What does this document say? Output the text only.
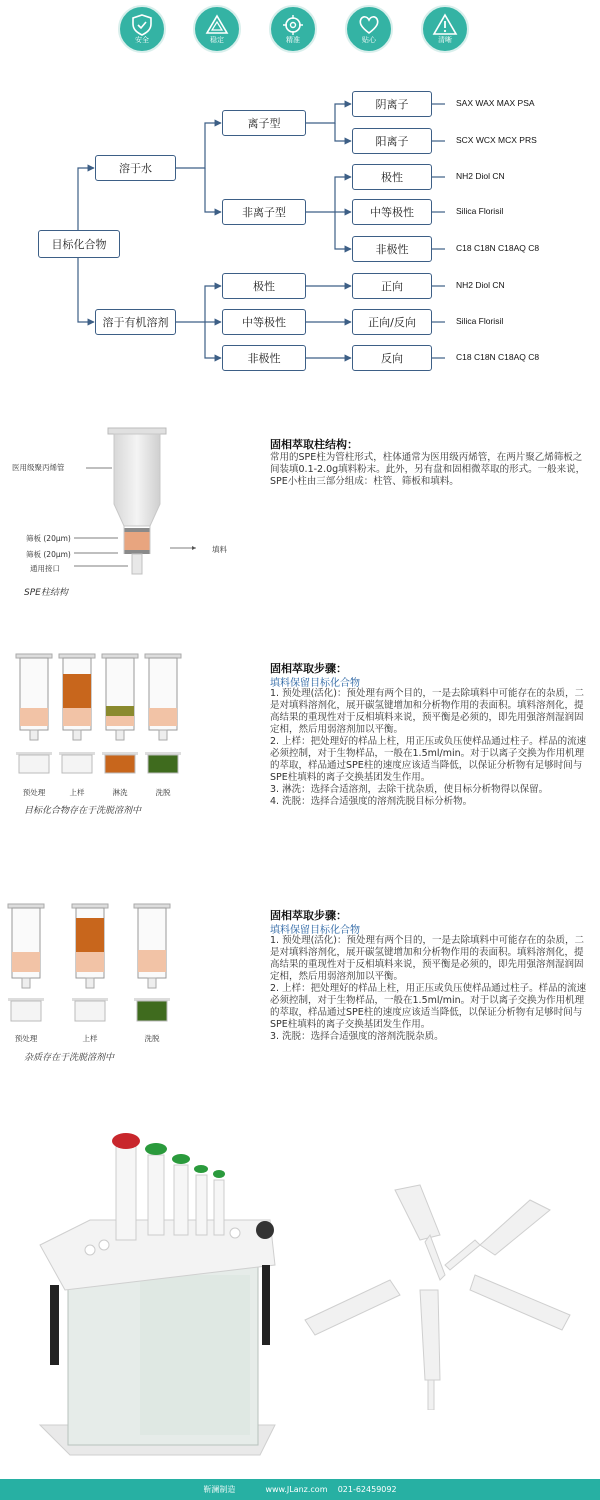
安全	稳定	精准	贴心	清晰
目标化合物
溶于水
溶于有机溶剂
离子型
非离子型
阴离子
阳离子
极性
中等极性
非极性
极性
中等极性
非极性
正向
正向/反向
反向
SAX WAX MAX PSA
SCX WCX MCX PRS
NH2 Diol CN
Silica Florisil
C18 C18N C18AQ C8
NH2 Diol CN
Silica Florisil
C18 C18N C18AQ C8
医用级聚丙烯管
筛板 (20μm)
筛板 (20μm)
通用接口
填料
SPE柱结构
固相萃取柱结构：
常用的SPE柱为管柱形式，柱体通常为医用级丙烯管，在两片聚乙烯筛板之间装填0.1-2.0g填料粉末。此外，另有盘和固相微萃取的形式。一般来说，SPE小柱由三部分组成：柱管、筛板和填料。
预处理	上样	淋洗	洗脱
目标化合物存在于洗脱溶剂中
固相萃取步骤：
填料保留目标化合物

1. 预处理(活化)：预处理有两个目的，一是去除填料中可能存在的杂质，二是对填料溶剂化，展开碳氢键增加和分析物作用的表面积。填料溶剂化，提高结果的重现性对于反相填料来说，预平衡是必须的，即先用强溶剂湿润固定相，然后用弱溶剂加以平衡。

2. 上样：把处理好的样品上柱，用正压或负压使样品通过柱子。样品的流速必须控制，对于生物样品，一般在1.5ml/min。对于以离子交换为作用机理的萃取，样品通过SPE柱的速度应该适当降低，以保证分析物有足够时间与SPE柱填料的离子交换基团发生作用。

3. 淋洗：选择合适溶剂，去除干扰杂质，使目标分析物得以保留。

4. 洗脱：选择合适强度的溶剂洗脱目标分析物。

预处理	上样	洗脱
杂质存在于洗脱溶剂中
固相萃取步骤：
填料保留目标化合物

1. 预处理(活化)：预处理有两个目的，一是去除填料中可能存在的杂质，二是对填料溶剂化，展开碳氢键增加和分析物作用的表面积。填料溶剂化，提高结果的重现性对于反相填料来说，预平衡是必须的，即先用强溶剂湿润固定相，然后用弱溶剂加以平衡。

2. 上样：把处理好的样品上柱，用正压或负压使样品通过柱子。样品的流速必须控制，对于生物样品，一般在1.5ml/min。对于以离子交换为作用机理的萃取，样品通过SPE柱的速度应该适当降低，以保证分析物有足够时间与SPE柱填料的离子交换基团发生作用。

3. 洗脱：选择合适强度的溶剂洗脱杂质。

靳澜制造	www.JLanz.com 021-62459092
